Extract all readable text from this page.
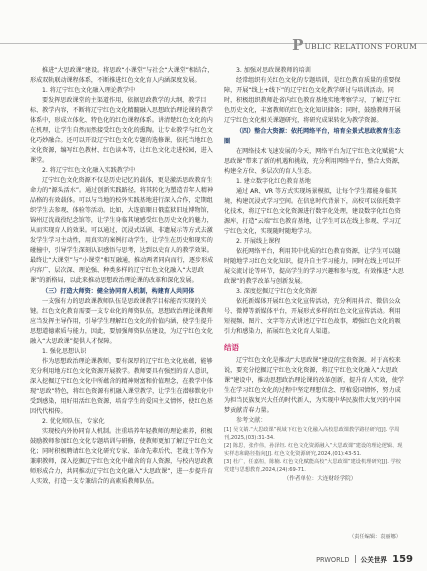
PUBLIC RELATIONS FORUM

推进“大思政课”建设。将思政“小课堂”与社会“大课堂”相结合，形成双轨联动课程体系，不断推进红色文化育人内涵深度发展。

1. 将辽宁红色文化融入理论教学中

要发挥思政课堂的主渠道作用，依据思政教学的大纲、教学目标、教学内容，不断将辽宁红色文化精髓融入思想政治理论课的教学体系中，形成立体化、特色化的红色课程体系。讲清楚红色文化的内在机理，让学生自然而然接受红色文化的熏陶。让专业教学与红色文化巧妙融合。还可以开设辽宁红色文化专题的选修课，依托当地红色文化资源，编写红色教材、红色读本等，让红色文化走进校园，进入课堂。

2. 将辽宁红色文化融入实践教学中

辽宁红色文化资源不仅是历史记忆的载体，更是激活思政教育生命力的“源头活水”。通过创新实践路径，将其转化为塑造青年人精神品格的有效载体。可以与当地的校外实践基地进行深入合作，定期组织学生去参观、体验等活动。比如，大连旅顺日俄监狱旧址博物馆，锦州辽沈战役纪念馆等，让学生身临其境感受红色历史文化的魅力，从而实现育人的效果。可以通过，沉浸式话剧、非遗展示等方式去激发学生学习主动性，用真实的案例打动学生，让学生在历史和现实的碰撞中，引导学生深刻认识感悟与思考，达到以史育人的教学效果。最终让“大课堂”与“小课堂”相互融通，推动两者同向而行，逐步形成内容广、层次深、理论强、种类多样的辽宁红色文化融入“大思政课”的新格局，以此来推动思想政治理论课的改革和深化发展。

（三）打造大师资：健全协同育人机制，构建育人共同体

一支强有力的思政课教师队伍是思政课教学目标能否实现的关键。红色文化教育需要一支专业化的师资队伍，思想政治理论课教师应当发挥主导作用，引导学生理解红色文化的价值内涵，使学生提升思想道德素质与能力，因此，要加强师资队伍建设，为辽宁红色文化融入“大思政课”提供人才保障。

1. 强化思想认识

作为思想政治理论课教师，要有深厚的辽宁红色文化底蕴，能够充分利用地方红色文化资源开展教学。教师要具有强烈的育人意识，深入挖掘辽宁红色文化中所蕴含的精神财富和价值理念，在教学中体现“思政”特色，将红色资源有机融入课堂教学，让学生在潜移默化中受到感染，用好用活红色资源，培育学生的爱国主义情怀，使红色基因代代相传。

2. 优化师队伍，专家化

实现校内外协同育人机制。注重培养年轻教师的理论素养，积极鼓励教师参加红色文化专题培训与研修，使教师更加了解辽宁红色文化；同时积极聘请红色文化研究专家、革命先辈后代、老战士等作为兼职教师，深入挖掘辽宁红色文化中蕴含的育人资源，与校内思政教师形成合力，共同推动辽宁红色文化融入“大思政课”，进一步提升育人实效，打造一支专兼结合的高素质教师队伍。

3. 加强对思政课教师的培训

经常组织有关红色文化的专题培训，是红色教育质量的重要保障，开展“线上+线下”的辽宁红色文化教学研讨与培训活动。同时，积极组织教师赴省内红色教育基地实地考察学习，了解辽宁红色历史文化，丰富教师的红色文化知识储备；同时，鼓励教师开展辽宁红色文化相关课题研究，将研究成果转化为教学资源。

（四）整合大资源：依托网络平台，培育全景式思政教育生态圈

在网络技术飞速发展的今天，网络平台为辽宁红色文化赋能“大思政课”带来了新的机遇和挑战，充分利用网络平台，整合大资源，构建全方位、多层次的育人生态。

1. 建立数字化红色教育基地

通过 AR、VR 等方式实现场景模拟，让每个学生都能身临其境，构建沉浸式学习空间。在信息时代背景下，高校可以依托数字化技术，将辽宁红色文化资源进行数字化处理，建设数字化红色资源库，打造“云端”红色教育基地，让学生可以在线上参观、学习辽宁红色文化，实现随时随地学习。

2. 开展线上课程

依托网络平台，利用其中优质的红色教育资源，让学生可以随时随地学习红色文化知识，提升自主学习能力，同时在线上可以开展交流讨论等环节，提高学生的学习兴趣和参与度，有效推进“大思政课”的教学改革与创新发展。

3. 深度挖掘辽宁红色文化资源

依托新媒体开展红色文化宣传活动，充分利用抖音、微信公众号、微博等新媒体平台，开展形式多样的红色文化宣传活动。利用短视频、图片、文字等方式讲述辽宁红色故事，增强红色文化的吸引力和感染力，拓展红色文化育人渠道。

结语

辽宁红色文化是推动“大思政课”建设的宝贵资源。对于高校来说，要充分挖掘辽宁红色文化资源，将辽宁红色文化融入“大思政课”建设中，推动思想政治理论课的改革创新，提升育人实效，使学生在学习红色文化的过程中坚定理想信念、厚植爱国情怀，努力成为担当民族复兴大任的时代新人，为实现中华民族伟大复兴的中国梦贡献青春力量。

参考文献：

[1] 吴文婧.“大思政课”视域下红色文化融入高校思政课教学路径研究[J]. 学周刊,2025,(03):31-34.

[2] 陈思，张作伟，孙泽钰. 红色文化资源融入“大思政课”建设的理论逻辑、现实样态和路径指向[J]. 红色文化资源研究,2024,(01):43-51.

[3] 杜广，任嘉桓，陈楠. 红色文化赋能高校“大思政课”建设机理研究[J]. 学校党建与思想教育,2024,(24):69-71.

（作者单位：大连财经学院）

（责任编辑：袁丽娜）
PRWORLD 公关世界 159
